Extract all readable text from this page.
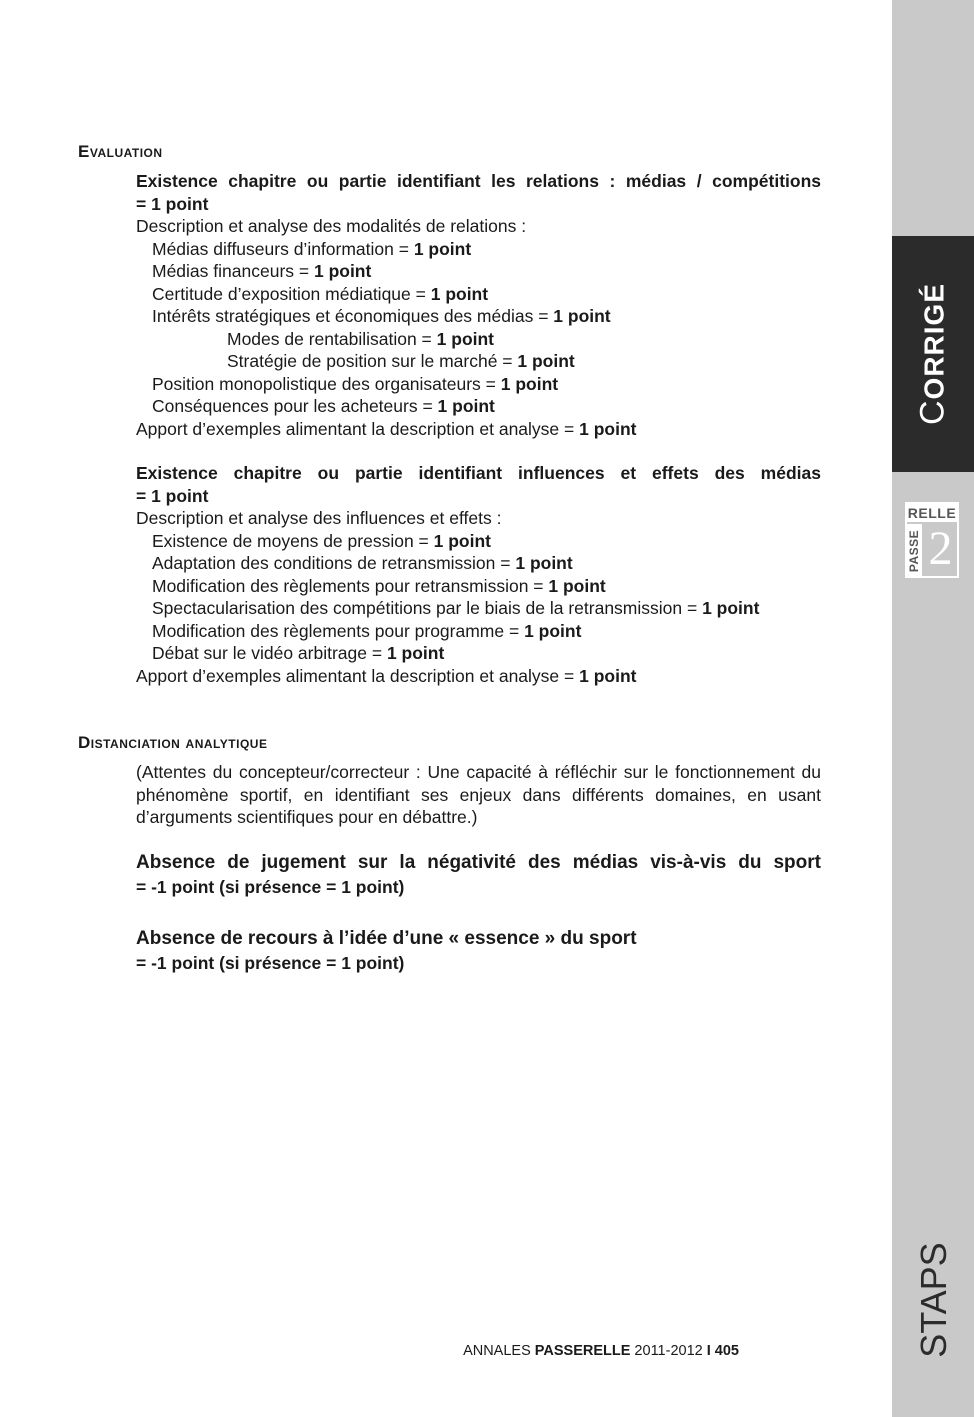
Evaluation
Existence chapitre ou partie identifiant les relations : médias / compétitions
= 1 point
Description et analyse des modalités de relations :
Médias diffuseurs d’information = 1 point
Médias financeurs = 1 point
Certitude d’exposition médiatique = 1 point
Intérêts stratégiques et économiques des médias = 1 point
Modes de rentabilisation = 1 point
Stratégie de position sur le marché = 1 point
Position monopolistique des organisateurs = 1 point
Conséquences pour les acheteurs = 1 point
Apport d’exemples alimentant la description et analyse = 1 point
Existence chapitre ou partie identifiant influences et effets des médias
= 1 point
Description et analyse des influences et effets :
Existence de moyens de pression = 1 point
Adaptation des conditions de retransmission = 1 point
Modification des règlements pour retransmission = 1 point
Spectacularisation des compétitions par le biais de la retransmission = 1 point
Modification des règlements pour programme = 1 point
Débat sur le vidéo arbitrage = 1 point
Apport d’exemples alimentant la description et analyse = 1 point
Distanciation analytique
(Attentes du concepteur/correcteur : Une capacité à réfléchir sur le fonctionnement du phénomène sportif, en identifiant ses enjeux dans différents domaines, en usant d’arguments scientifiques pour en débattre.)
Absence de jugement sur la négativité des médias vis-à-vis du sport
= -1 point (si présence = 1 point)
Absence de recours à l’idée d’une « essence » du sport
= -1 point (si présence = 1 point)
ANNALES PASSERELLE 2011-2012 I 405
CORRIGÉ
RELLE
PASSE 2
STAPS
